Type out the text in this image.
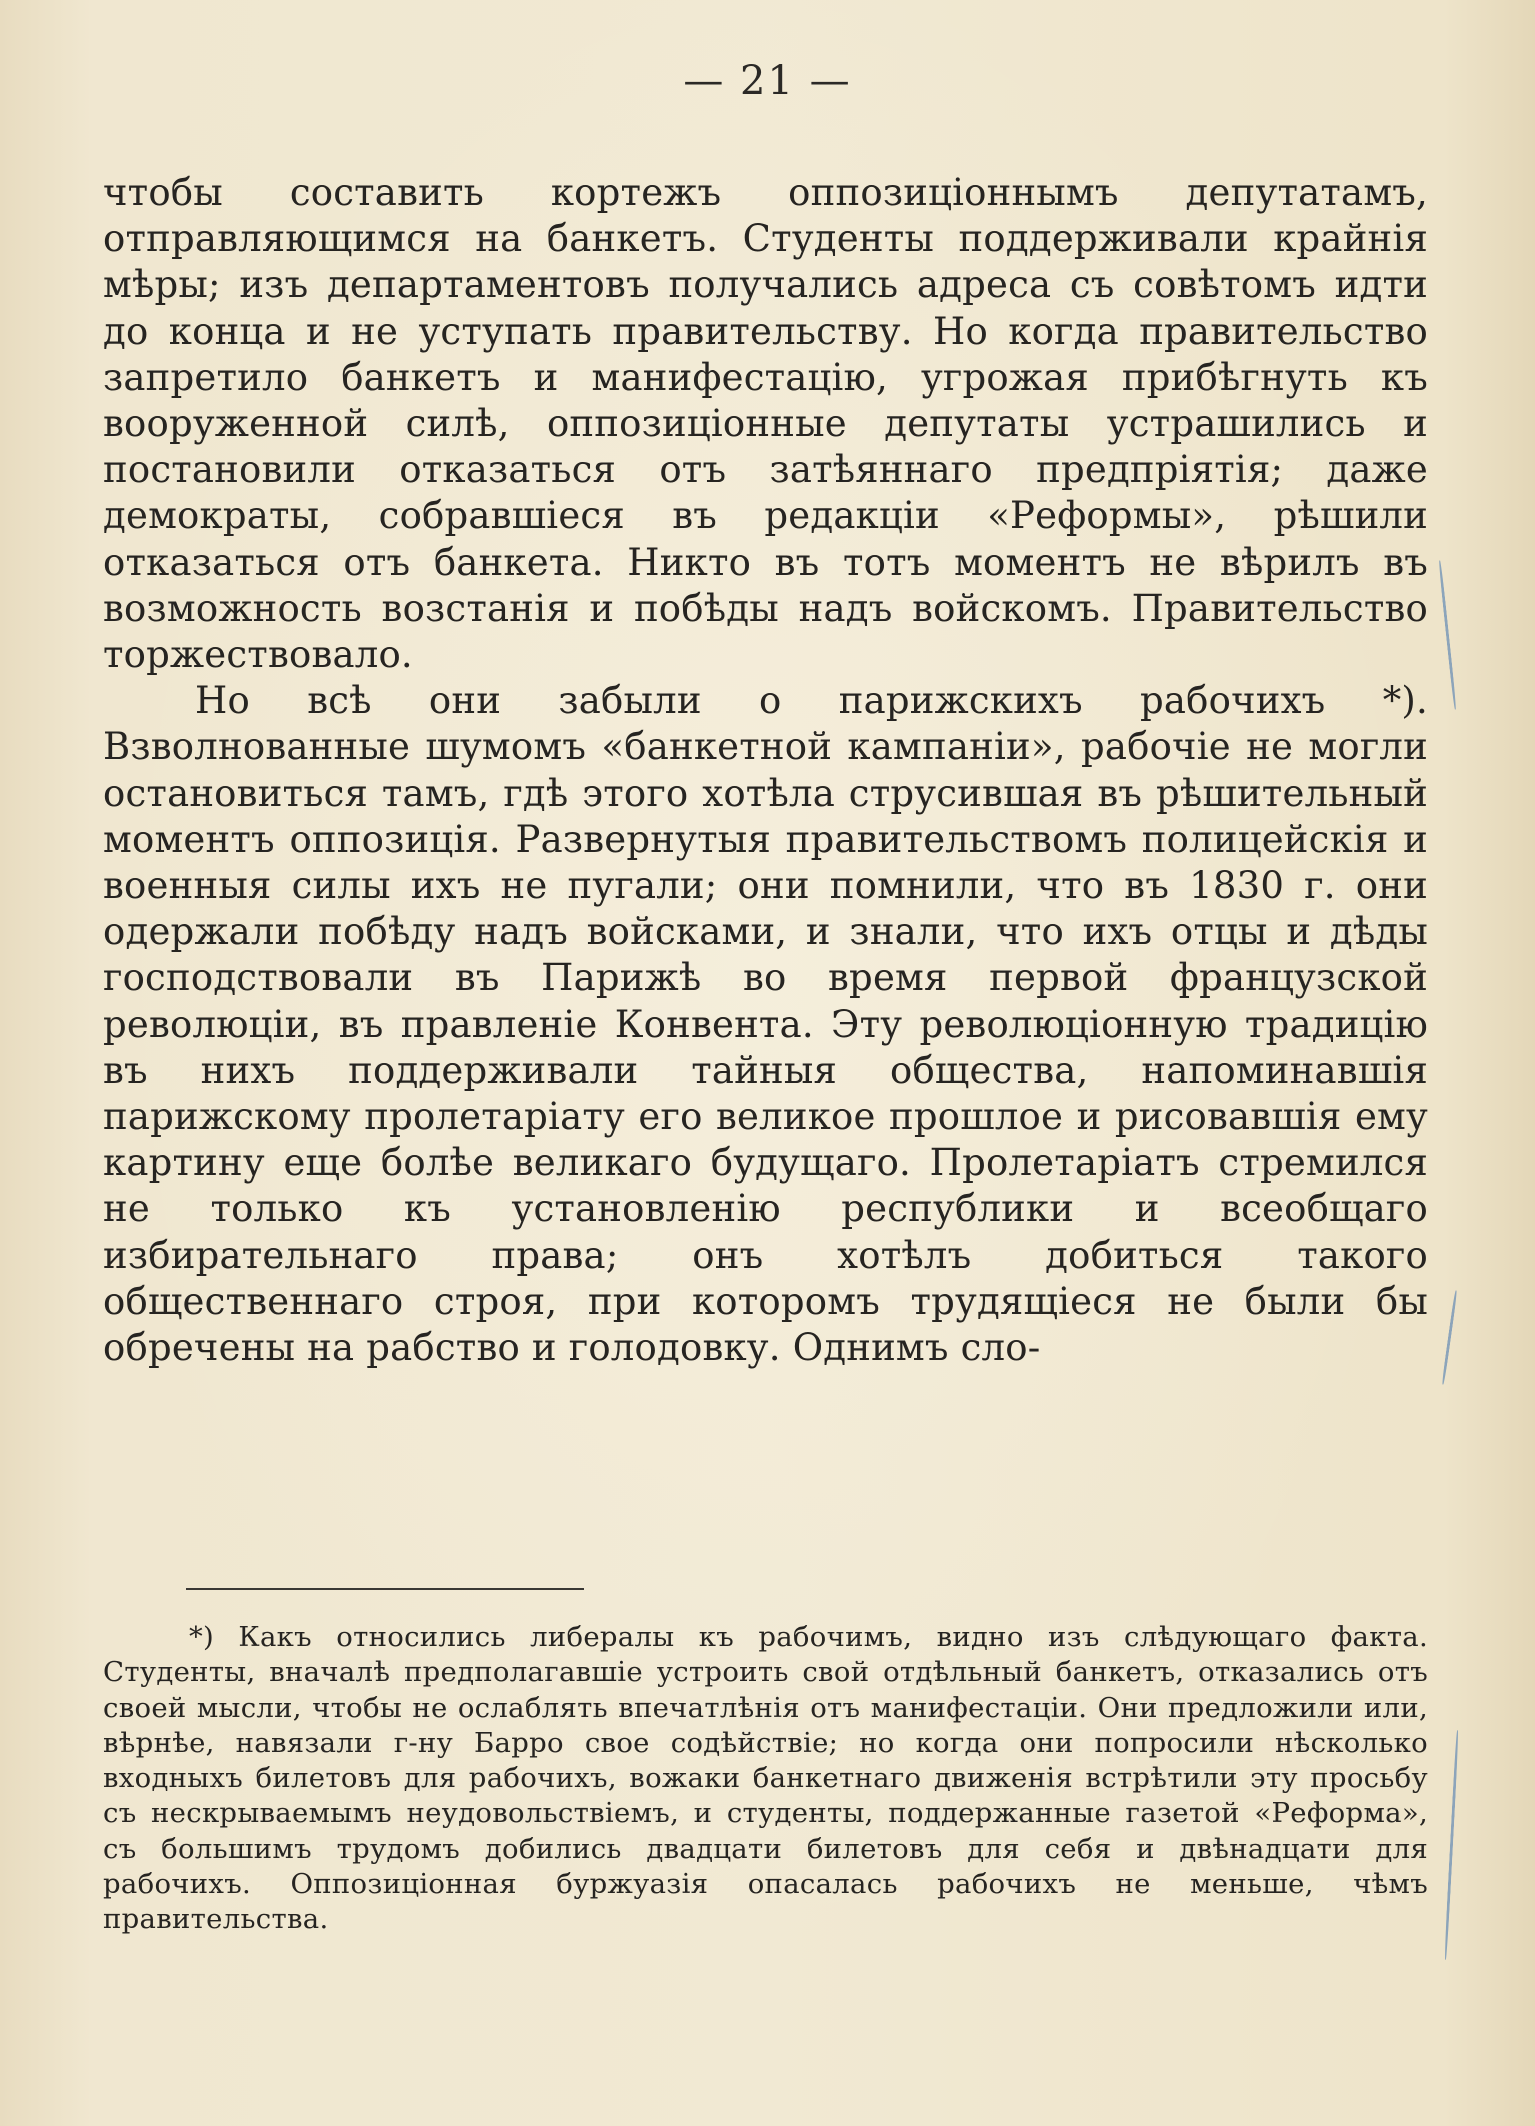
— 21 —

чтобы составить кортежъ оппозиціоннымъ депутатамъ, отправляющимся на банкетъ. Студенты поддерживали крайнія мѣры; изъ департаментовъ получались адреса съ совѣтомъ идти до конца и не уступать правительству. Но когда правительство запретило банкетъ и манифестацію, угрожая прибѣгнуть къ вооруженной силѣ, оппозиціонные депутаты устрашились и постановили отказаться отъ затѣяннаго предпріятія; даже демократы, собравшіеся въ редакціи «Реформы», рѣшили отказаться отъ банкета. Никто въ тотъ моментъ не вѣрилъ въ возможность возстанія и побѣды надъ войскомъ. Правительство торжествовало.

Но всѣ они забыли о парижскихъ рабочихъ *). Взволнованные шумомъ «банкетной кампаніи», рабочіе не могли остановиться тамъ, гдѣ этого хотѣла струсившая въ рѣшительный моментъ оппозиція. Развернутыя правительствомъ полицейскія и военныя силы ихъ не пугали; они помнили, что въ 1830 г. они одержали побѣду надъ войсками, и знали, что ихъ отцы и дѣды господствовали въ Парижѣ во время первой французской революціи, въ правленіе Конвента. Эту революціонную традицію въ нихъ поддерживали тайныя общества, напоминавшія парижскому пролетаріату его великое прошлое и рисовавшія ему картину еще болѣе великаго будущаго. Пролетаріатъ стремился не только къ установленію республики и всеобщаго избирательнаго права; онъ хотѣлъ добиться такого общественнаго строя, при которомъ трудящіеся не были бы обречены на рабство и голодовку. Однимъ сло-

*) Какъ относились либералы къ рабочимъ, видно изъ слѣдующаго факта. Студенты, вначалѣ предполагавшіе устроить свой отдѣльный банкетъ, отказались отъ своей мысли, чтобы не ослаблять впечатлѣнія отъ манифестаціи. Они предложили или, вѣрнѣе, навязали г-ну Барро свое содѣйствіе; но когда они попросили нѣсколько входныхъ билетовъ для рабочихъ, вожаки банкетнаго движенія встрѣтили эту просьбу съ нескрываемымъ неудовольствіемъ, и студенты, поддержанные газетой «Реформа», съ большимъ трудомъ добились двадцати билетовъ для себя и двѣнадцати для рабочихъ. Оппозиціонная буржуазія опасалась рабочихъ не меньше, чѣмъ правительства.
